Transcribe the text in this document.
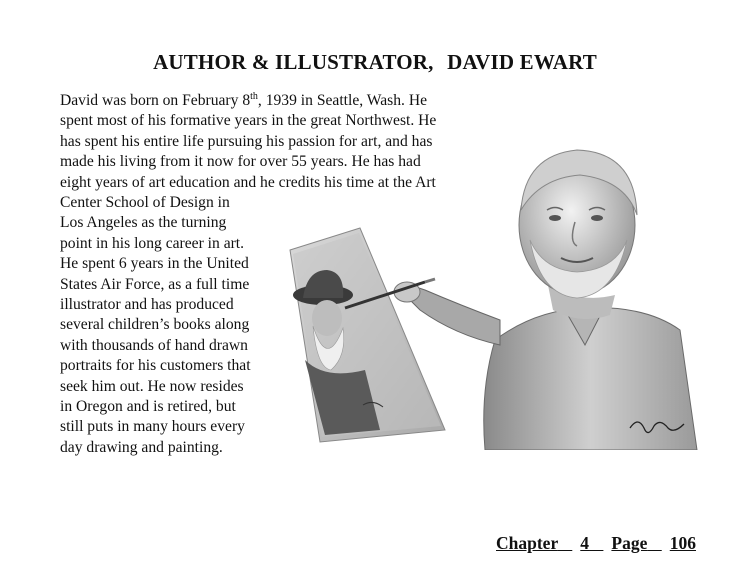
AUTHOR & ILLUSTRATOR, DAVID EWART
David was born on February 8th, 1939 in Seattle, Wash. He
spent most of his formative years in the great Northwest. He
has spent his entire life pursuing his passion for art, and has
made his living from it now for over 55 years. He has had
eight years of art education and he credits his time at the Art
Center School of Design in
Los Angeles as the turning
point in his long career in art.
He spent 6 years in the United
States Air Force, as a full time
illustrator and has produced
several children’s books along
with thousands of hand drawn
portraits for his customers that
seek him out. He now resides
in Oregon and is retired, but
still puts in many hours every
day drawing and painting.
Chapter 4 Page 106
